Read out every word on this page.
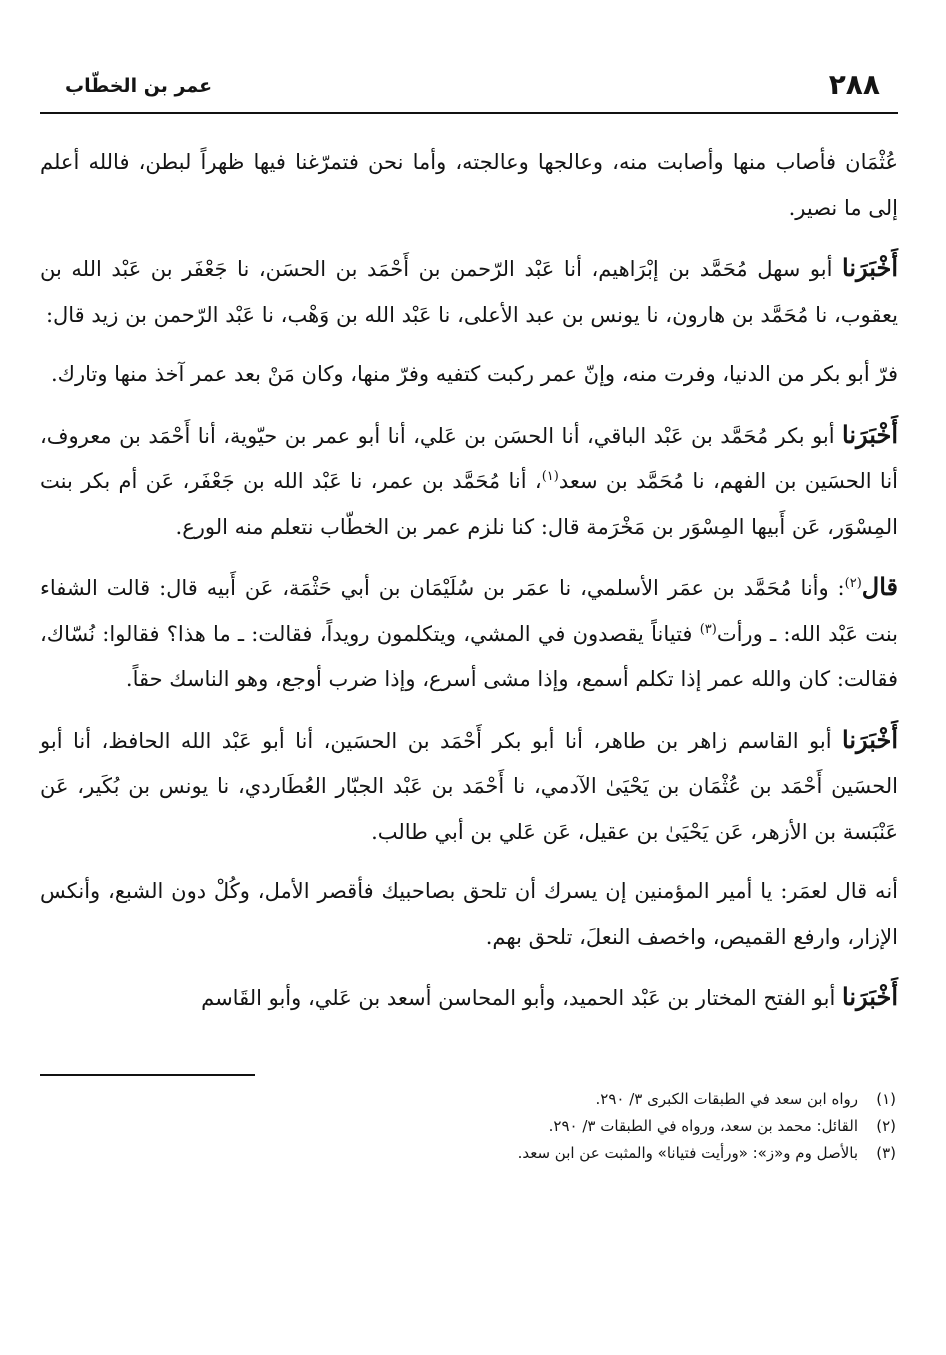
٢٨٨
عمر بن الخطّاب

عُثْمَان فأصاب منها وأصابت منه، وعالجها وعالجته، وأما نحن فتمرّغنا فيها ظهراً لبطن، فالله أعلم إلى ما نصير.

أَخْبَرَنا أبو سهل مُحَمَّد بن إبْرَاهيم، أنا عَبْد الرّحمن بن أَحْمَد بن الحسَن، نا جَعْفَر بن عَبْد الله بن يعقوب، نا مُحَمَّد بن هارون، نا يونس بن عبد الأعلى، نا عَبْد الله بن وَهْب، نا عَبْد الرّحمن بن زيد قال:

فرّ أبو بكر من الدنيا، وفرت منه، وإنّ عمر ركبت كتفيه وفرّ منها، وكان مَنْ بعد عمر آخذ منها وتارك.

أَخْبَرَنا أبو بكر مُحَمَّد بن عَبْد الباقي، أنا الحسَن بن عَلي، أنا أبو عمر بن حيّوية، أنا أَحْمَد بن معروف، أنا الحسَين بن الفهم، نا مُحَمَّد بن سعد$^{(١)}$، أنا مُحَمَّد بن عمر، نا عَبْد الله بن جَعْفَر، عَن أم بكر بنت المِسْوَر، عَن أَبيها المِسْوَر بن مَخْرَمة قال: كنا نلزم عمر بن الخطّاب نتعلم منه الورع.

قال$^{(٢)}$: وأنا مُحَمَّد بن عمَر الأسلمي، نا عمَر بن سُلَيْمَان بن أبي حَثْمَة، عَن أَبيه قال: قالت الشفاء بنت عَبْد الله: ـ ورأت$^{(٣)}$ فتياناً يقصدون في المشي، ويتكلمون رويداً، فقالت: ـ ما هذا؟ فقالوا: نُسّاك، فقالت: كان والله عمر إذا تكلم أسمع، وإذا مشى أسرع، وإذا ضرب أوجع، وهو الناسك حقاً.

أَخْبَرَنا أبو القاسم زاهر بن طاهر، أنا أبو بكر أَحْمَد بن الحسَين، أنا أبو عَبْد الله الحافظ، أنا أبو الحسَين أَحْمَد بن عُثْمَان بن يَحْيَىٰ الآدمي، نا أَحْمَد بن عَبْد الجبّار العُطَاردي، نا يونس بن بُكَير، عَن عَنْبَسة بن الأزهر، عَن يَحْيَىٰ بن عقيل، عَن عَلي بن أبي طالب.

أنه قال لعمَر: يا أمير المؤمنين إن يسرك أن تلحق بصاحبيك فأقصر الأمل، وكُلْ دون الشبع، وأنكس الإزار، وارفع القميص، واخصف النعلَ، تلحق بهم.

أَخْبَرَنا أبو الفتح المختار بن عَبْد الحميد، وأبو المحاسن أسعد بن عَلي، وأبو القَاسم

(١)
رواه ابن سعد في الطبقات الكبرى ٣/ ٢٩٠.
(٢)
القائل: محمد بن سعد، ورواه في الطبقات ٣/ ٢٩٠.
(٣)
بالأصل وم و«ز»: «ورأيت فتيانا» والمثبت عن ابن سعد.
